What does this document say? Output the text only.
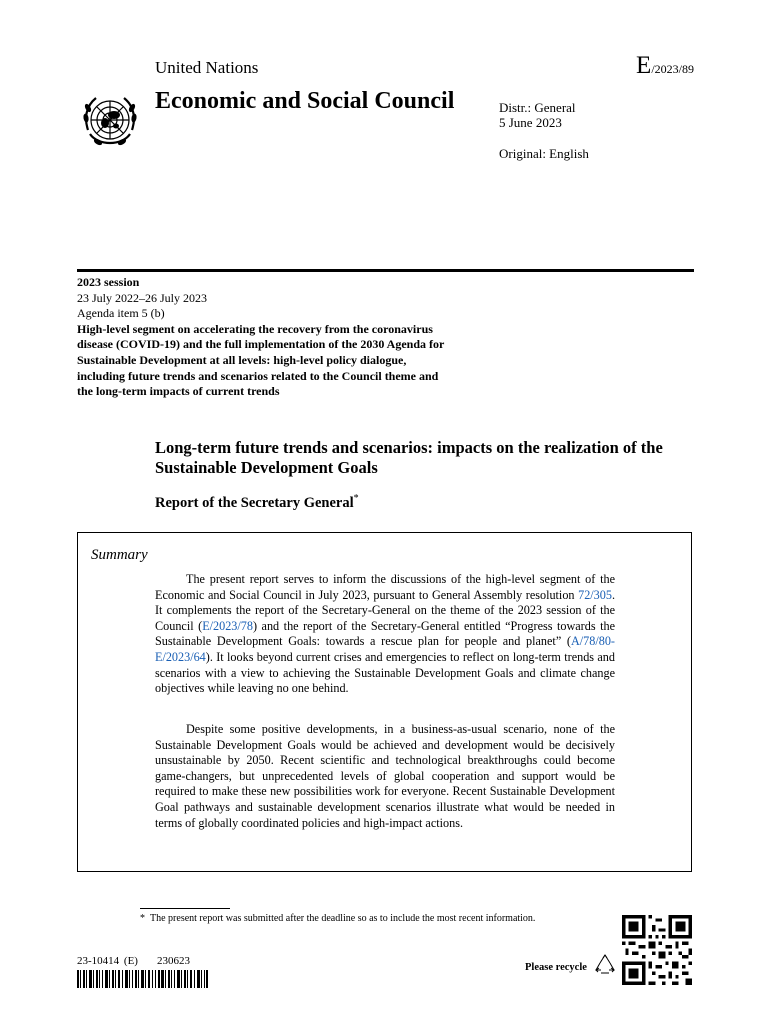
United Nations	E/2023/89
Economic and Social Council	Distr.: General
5 June 2023
Original: English
2023 session
23 July 2022–26 July 2023
Agenda item 5 (b)
High-level segment on accelerating the recovery from the coronavirus disease (COVID-19) and the full implementation of the 2030 Agenda for Sustainable Development at all levels: high-level policy dialogue, including future trends and scenarios related to the Council theme and the long-term impacts of current trends
Long-term future trends and scenarios: impacts on the realization of the Sustainable Development Goals
Report of the Secretary General*
Summary
The present report serves to inform the discussions of the high-level segment of the Economic and Social Council in July 2023, pursuant to General Assembly resolution 72/305. It complements the report of the Secretary-General on the theme of the 2023 session of the Council (E/2023/78) and the report of the Secretary-General entitled “Progress towards the Sustainable Development Goals: towards a rescue plan for people and planet” (A/78/80-E/2023/64). It looks beyond current crises and emergencies to reflect on long-term trends and scenarios with a view to achieving the Sustainable Development Goals and climate change objectives while leaving no one behind.
Despite some positive developments, in a business-as-usual scenario, none of the Sustainable Development Goals would be achieved and development would be decisively unsustainable by 2050. Recent scientific and technological breakthroughs could become game-changers, but unprecedented levels of global cooperation and support would be required to make these new possibilities work for everyone. Recent Sustainable Development Goal pathways and sustainable development scenarios illustrate what would be needed in terms of globally coordinated policies and high-impact actions.
* The present report was submitted after the deadline so as to include the most recent information.
23-10414 (E) 230623
Please recycle
